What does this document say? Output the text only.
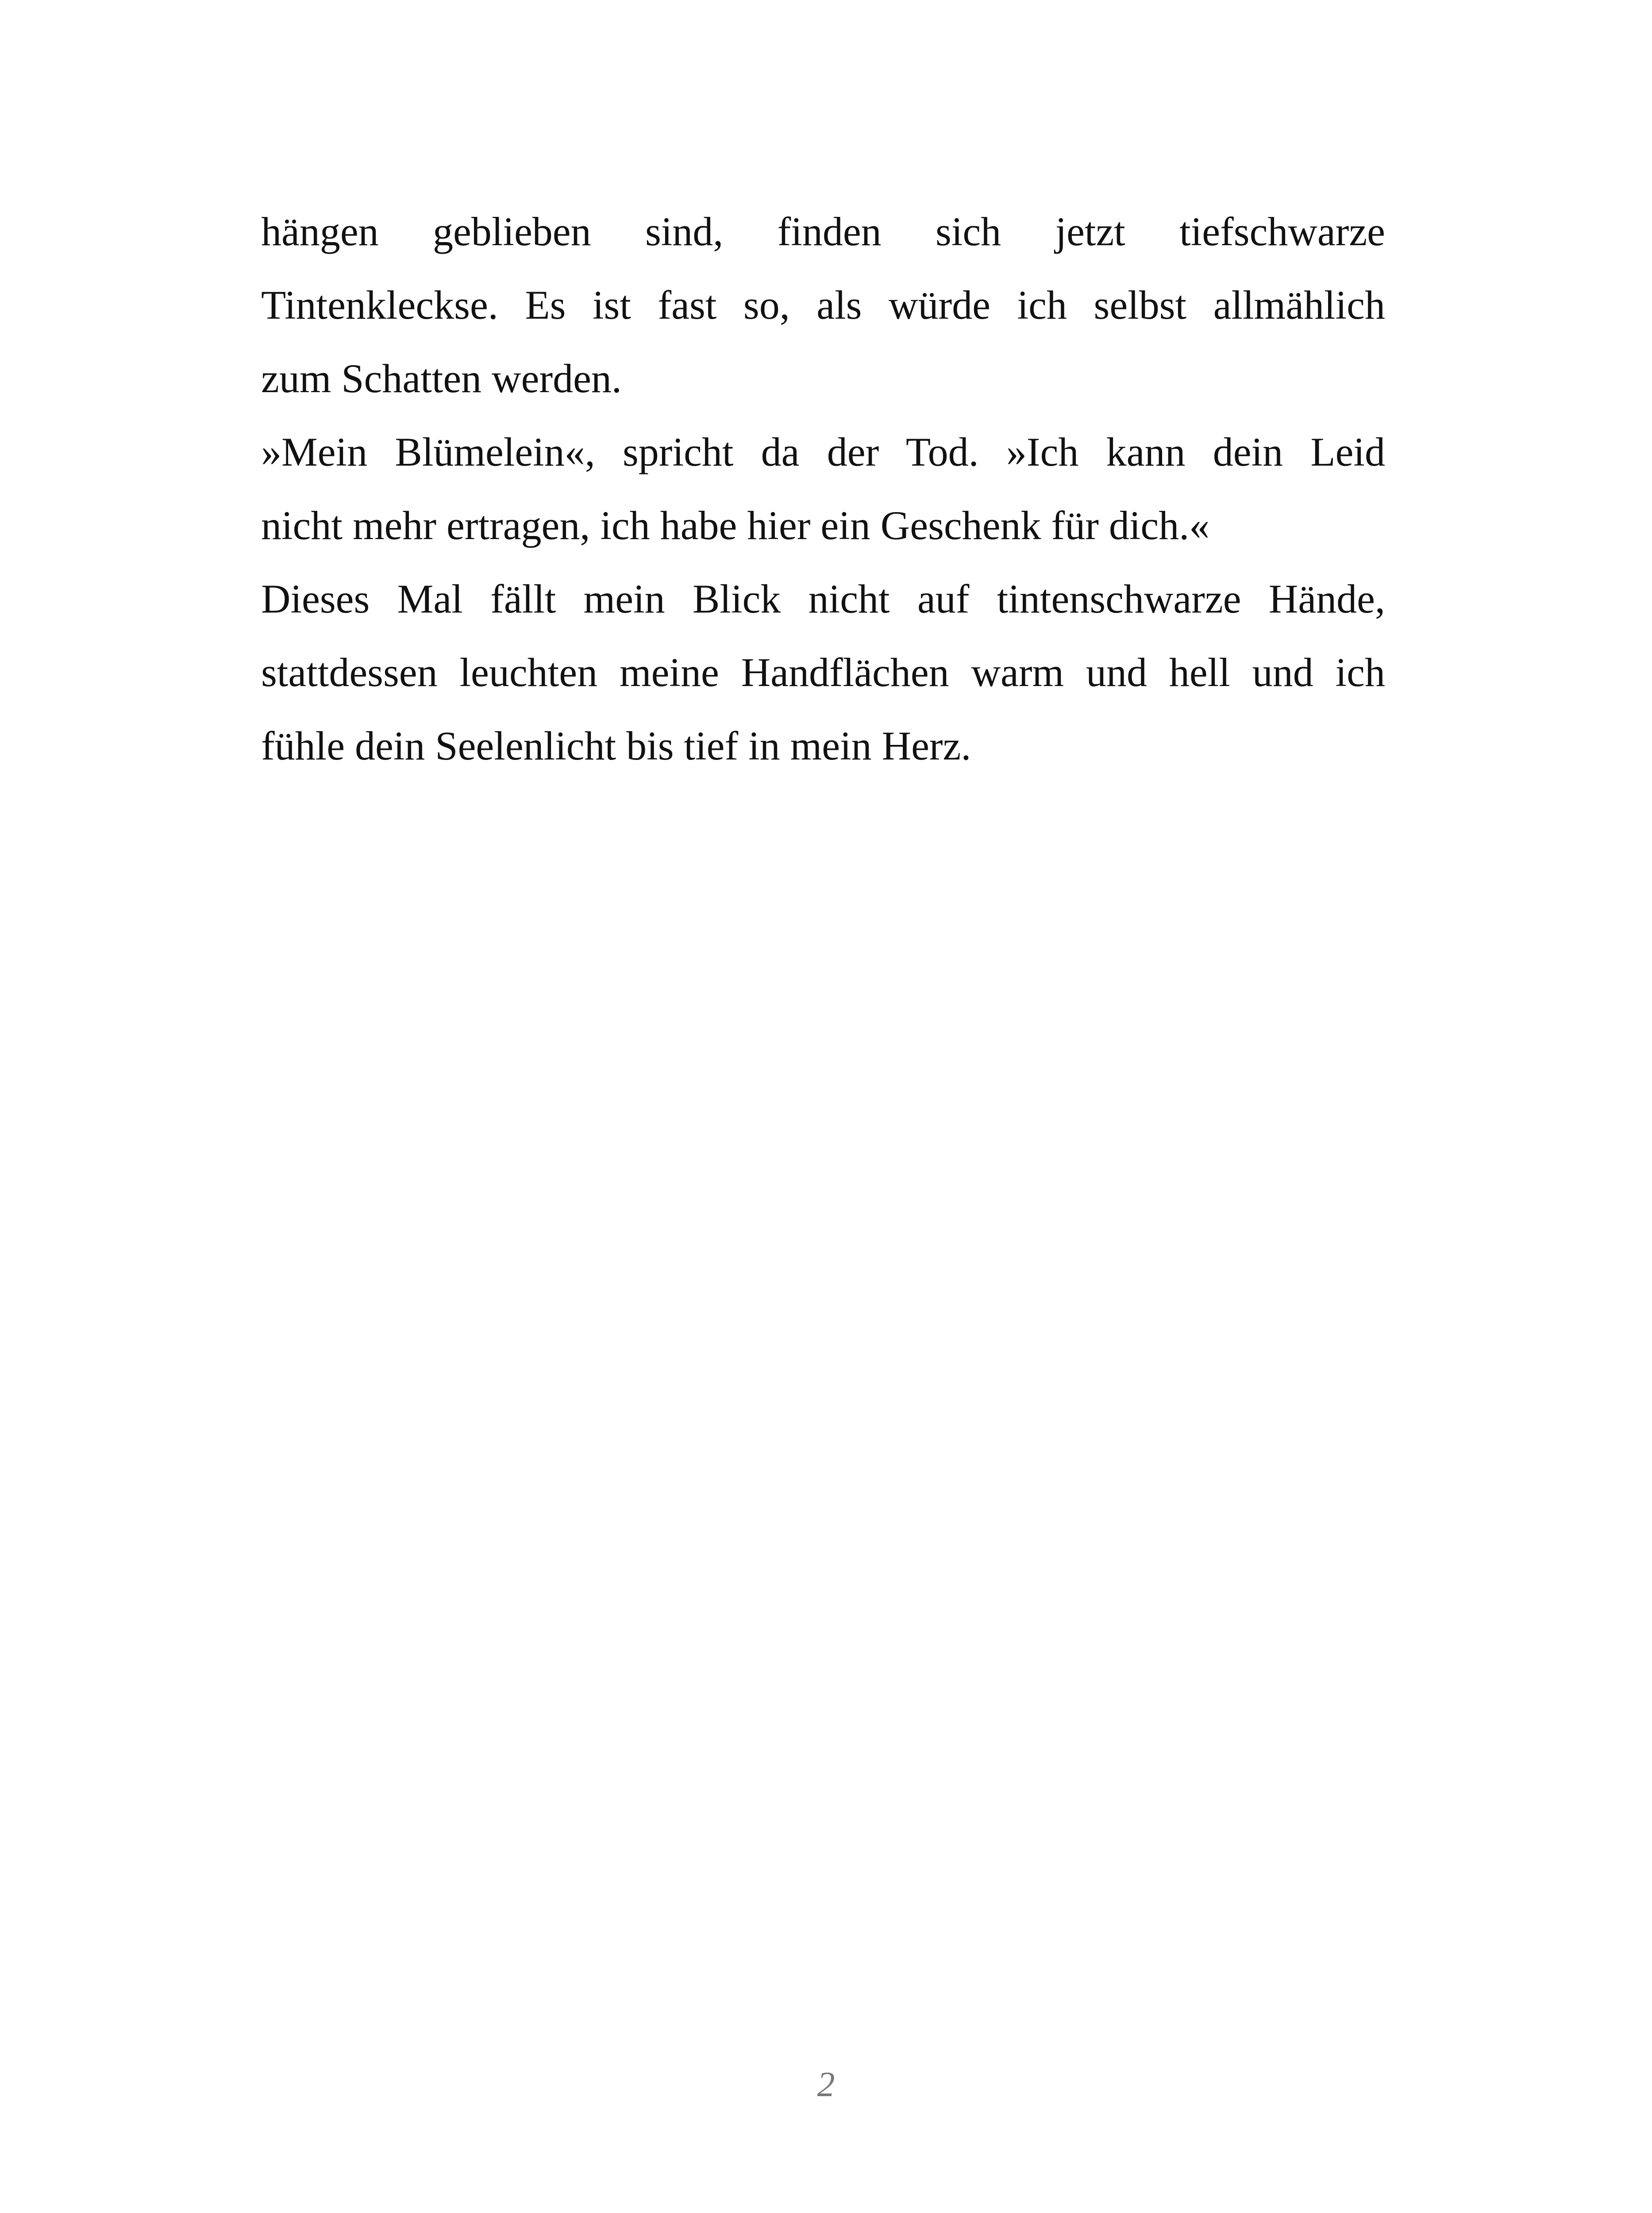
hängen geblieben sind, finden sich jetzt tiefschwarze
Tintenkleckse. Es ist fast so, als würde ich selbst allmählich
zum Schatten werden.
»Mein Blümelein«, spricht da der Tod. »Ich kann dein Leid
nicht mehr ertragen, ich habe hier ein Geschenk für dich.«
Dieses Mal fällt mein Blick nicht auf tintenschwarze Hände,
stattdessen leuchten meine Handflächen warm und hell und ich
fühle dein Seelenlicht bis tief in mein Herz.
2
